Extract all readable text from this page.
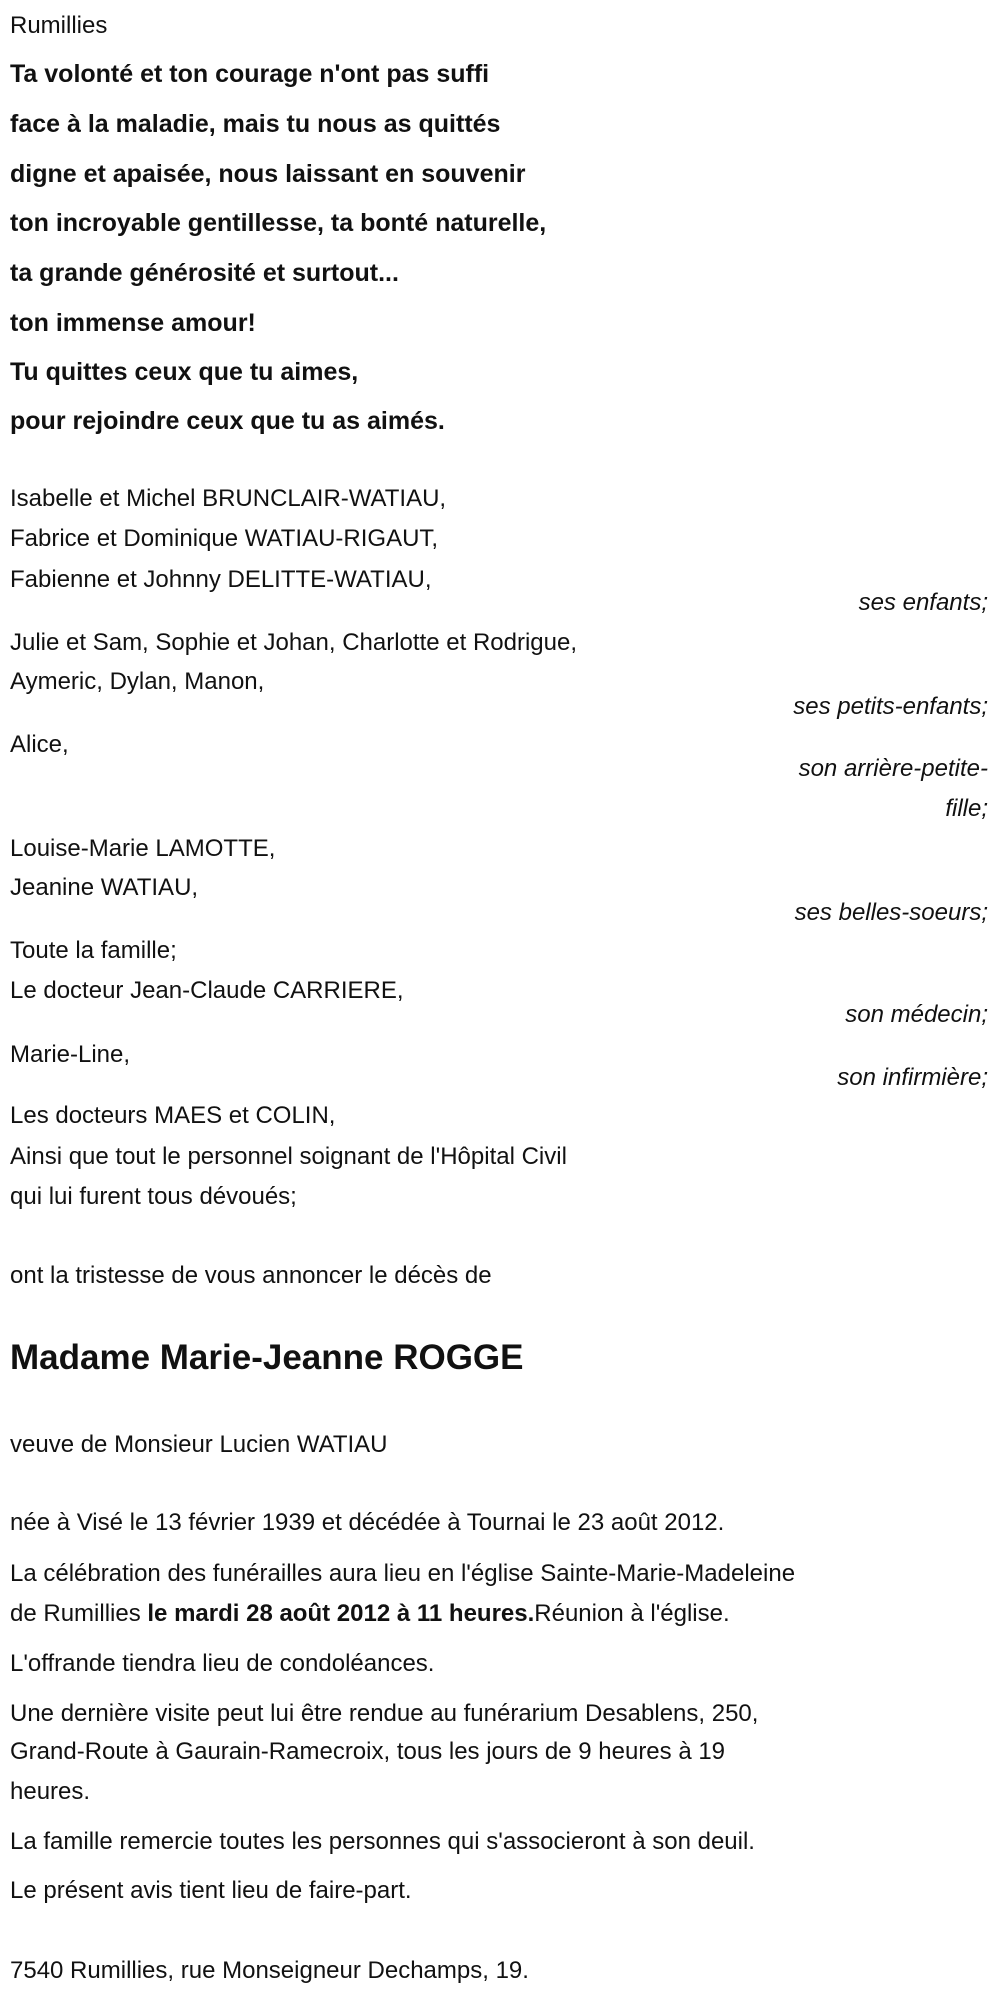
Rumillies
Ta volonté et ton courage n'ont pas suffi
face à la maladie, mais tu nous as quittés
digne et apaisée, nous laissant en souvenir
ton incroyable gentillesse, ta bonté naturelle,
ta grande générosité et surtout...
ton immense amour!
Tu quittes ceux que tu aimes,
pour rejoindre ceux que tu as aimés.
Isabelle et Michel BRUNCLAIR-WATIAU,
Fabrice et Dominique WATIAU-RIGAUT,
Fabienne et Johnny DELITTE-WATIAU,
ses enfants;
Julie et Sam, Sophie et Johan, Charlotte et Rodrigue,
Aymeric, Dylan, Manon,
ses petits-enfants;
Alice,
son arrière-petite-
fille;
Louise-Marie LAMOTTE,
Jeanine WATIAU,
ses belles-soeurs;
Toute la famille;
Le docteur Jean-Claude CARRIERE,
son médecin;
Marie-Line,
son infirmière;
Les docteurs MAES et COLIN,
Ainsi que tout le personnel soignant de l'Hôpital Civil
qui lui furent tous dévoués;
ont la tristesse de vous annoncer le décès de
Madame Marie-Jeanne ROGGE
veuve de Monsieur Lucien WATIAU
née à Visé le 13 février 1939 et décédée à Tournai le 23 août 2012.
La célébration des funérailles aura lieu en l'église Sainte-Marie-Madeleine
de Rumillies le mardi 28 août 2012 à 11 heures.Réunion à l'église.
L'offrande tiendra lieu de condoléances.
Une dernière visite peut lui être rendue au funérarium Desablens, 250,
Grand-Route à Gaurain-Ramecroix, tous les jours de 9 heures à 19
heures.
La famille remercie toutes les personnes qui s'associeront à son deuil.
Le présent avis tient lieu de faire-part.
7540 Rumillies, rue Monseigneur Dechamps, 19.
